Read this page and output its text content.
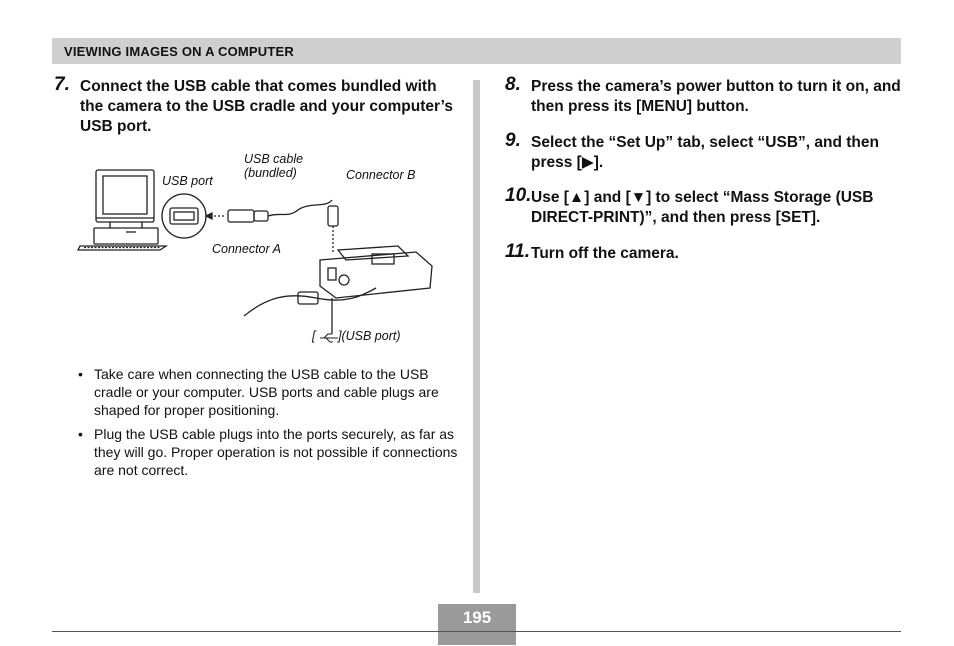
VIEWING IMAGES ON A COMPUTER
7. Connect the USB cable that comes bundled with the camera to the USB cradle and your computer’s USB port.
USB cable
(bundled)
USB port	Connector B
Connector A
[ ](USB port)
• Take care when connecting the USB cable to the USB cradle or your computer. USB ports and cable plugs are shaped for proper positioning.
• Plug the USB cable plugs into the ports securely, as far as they will go. Proper operation is not possible if connections are not correct.
8. Press the camera’s power button to turn it on, and then press its [MENU] button.
9. Select the “Set Up” tab, select “USB”, and then press [▶].
10. Use [▲] and [▼] to select “Mass Storage (USB DIRECT-PRINT)”, and then press [SET].
11. Turn off the camera.
195
